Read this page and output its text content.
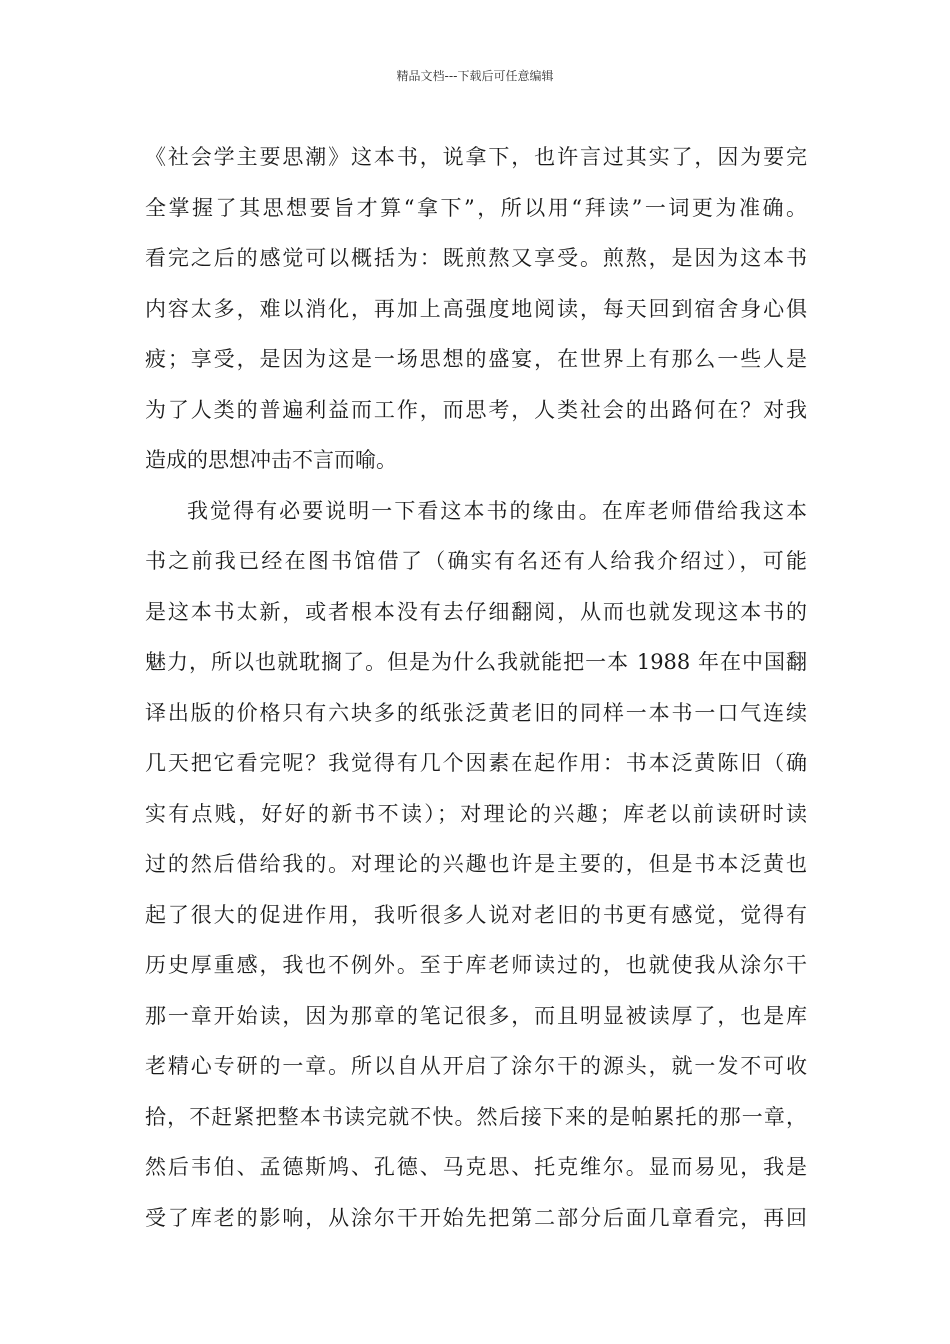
精品文档---下载后可任意编辑
《社会学主要思潮》这本书，说拿下，也许言过其实了，因为要完
全掌握了其思想要旨才算“拿下”，所以用“拜读”一词更为准确。
看完之后的感觉可以概括为：既煎熬又享受。煎熬，是因为这本书
内容太多，难以消化，再加上高强度地阅读，每天回到宿舍身心俱
疲；享受，是因为这是一场思想的盛宴，在世界上有那么一些人是
为了人类的普遍利益而工作，而思考，人类社会的出路何在？对我
造成的思想冲击不言而喻。
我觉得有必要说明一下看这本书的缘由。在库老师借给我这本
书之前我已经在图书馆借了（确实有名还有人给我介绍过），可能
是这本书太新，或者根本没有去仔细翻阅，从而也就发现这本书的
魅力，所以也就耽搁了。但是为什么我就能把一本 1988 年在中国翻
译出版的价格只有六块多的纸张泛黄老旧的同样一本书一口气连续
几天把它看完呢？我觉得有几个因素在起作用：书本泛黄陈旧（确
实有点贱，好好的新书不读）；对理论的兴趣；库老以前读研时读
过的然后借给我的。对理论的兴趣也许是主要的，但是书本泛黄也
起了很大的促进作用，我听很多人说对老旧的书更有感觉，觉得有
历史厚重感，我也不例外。至于库老师读过的，也就使我从涂尔干
那一章开始读，因为那章的笔记很多，而且明显被读厚了，也是库
老精心专研的一章。所以自从开启了涂尔干的源头，就一发不可收
拾，不赶紧把整本书读完就不快。然后接下来的是帕累托的那一章，
然后韦伯、孟德斯鸠、孔德、马克思、托克维尔。显而易见，我是
受了库老的影响，从涂尔干开始先把第二部分后面几章看完，再回
